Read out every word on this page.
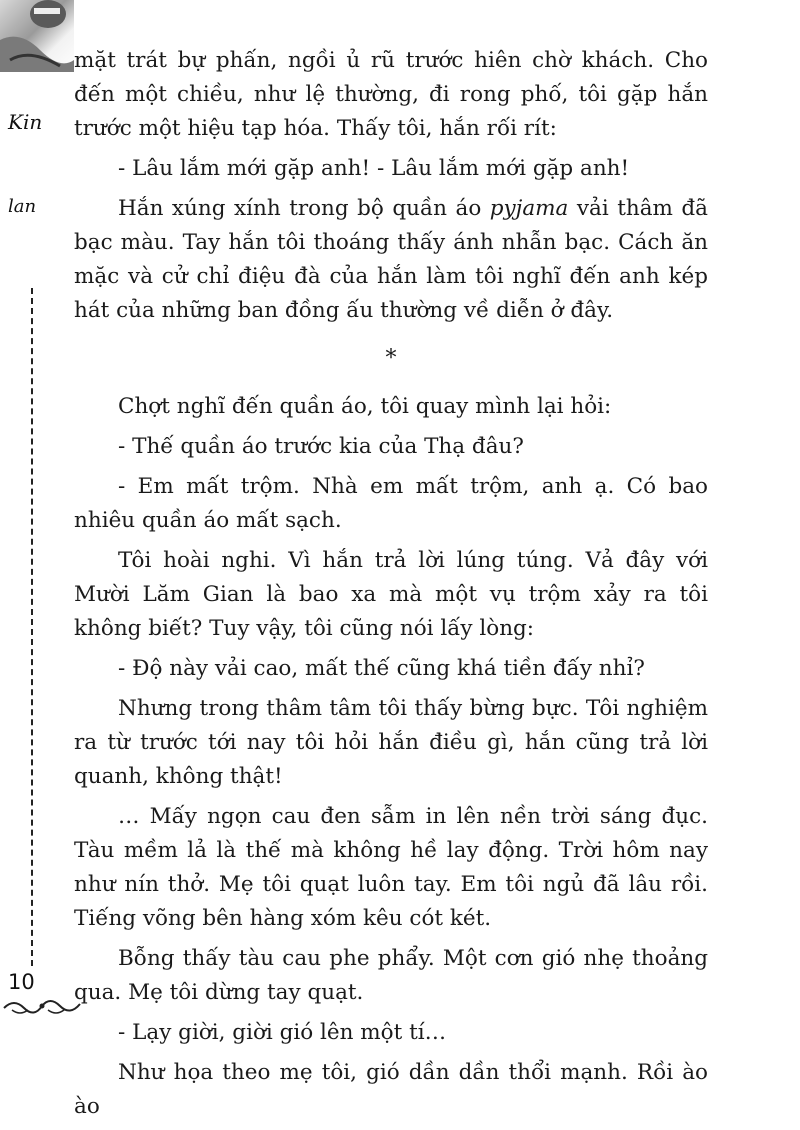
Kin
lan

mặt trát bự phấn, ngồi ủ rũ trước hiên chờ khách. Cho đến một chiều, như lệ thường, đi rong phố, tôi gặp hắn trước một hiệu tạp hóa. Thấy tôi, hắn rối rít:

- Lâu lắm mới gặp anh! - Lâu lắm mới gặp anh!

Hắn xúng xính trong bộ quần áo pyjama vải thâm đã bạc màu. Tay hắn tôi thoáng thấy ánh nhẫn bạc. Cách ăn mặc và cử chỉ điệu đà của hắn làm tôi nghĩ đến anh kép hát của những ban đồng ấu thường về diễn ở đây.

*

Chợt nghĩ đến quần áo, tôi quay mình lại hỏi:

- Thế quần áo trước kia của Thạ đâu?

- Em mất trộm. Nhà em mất trộm, anh ạ. Có bao nhiêu quần áo mất sạch.

Tôi hoài nghi. Vì hắn trả lời lúng túng. Vả đây với Mười Lăm Gian là bao xa mà một vụ trộm xảy ra tôi không biết? Tuy vậy, tôi cũng nói lấy lòng:

- Độ này vải cao, mất thế cũng khá tiền đấy nhỉ?

Nhưng trong thâm tâm tôi thấy bừng bực. Tôi nghiệm ra từ trước tới nay tôi hỏi hắn điều gì, hắn cũng trả lời quanh, không thật!

… Mấy ngọn cau đen sẫm in lên nền trời sáng đục. Tàu mềm lả là thế mà không hề lay động. Trời hôm nay như nín thở. Mẹ tôi quạt luôn tay. Em tôi ngủ đã lâu rồi. Tiếng võng bên hàng xóm kêu cót két.

Bỗng thấy tàu cau phe phẩy. Một cơn gió nhẹ thoảng qua. Mẹ tôi dừng tay quạt.

- Lạy giời, giời gió lên một tí…

Như họa theo mẹ tôi, gió dần dần thổi mạnh. Rồi ào ào

10
